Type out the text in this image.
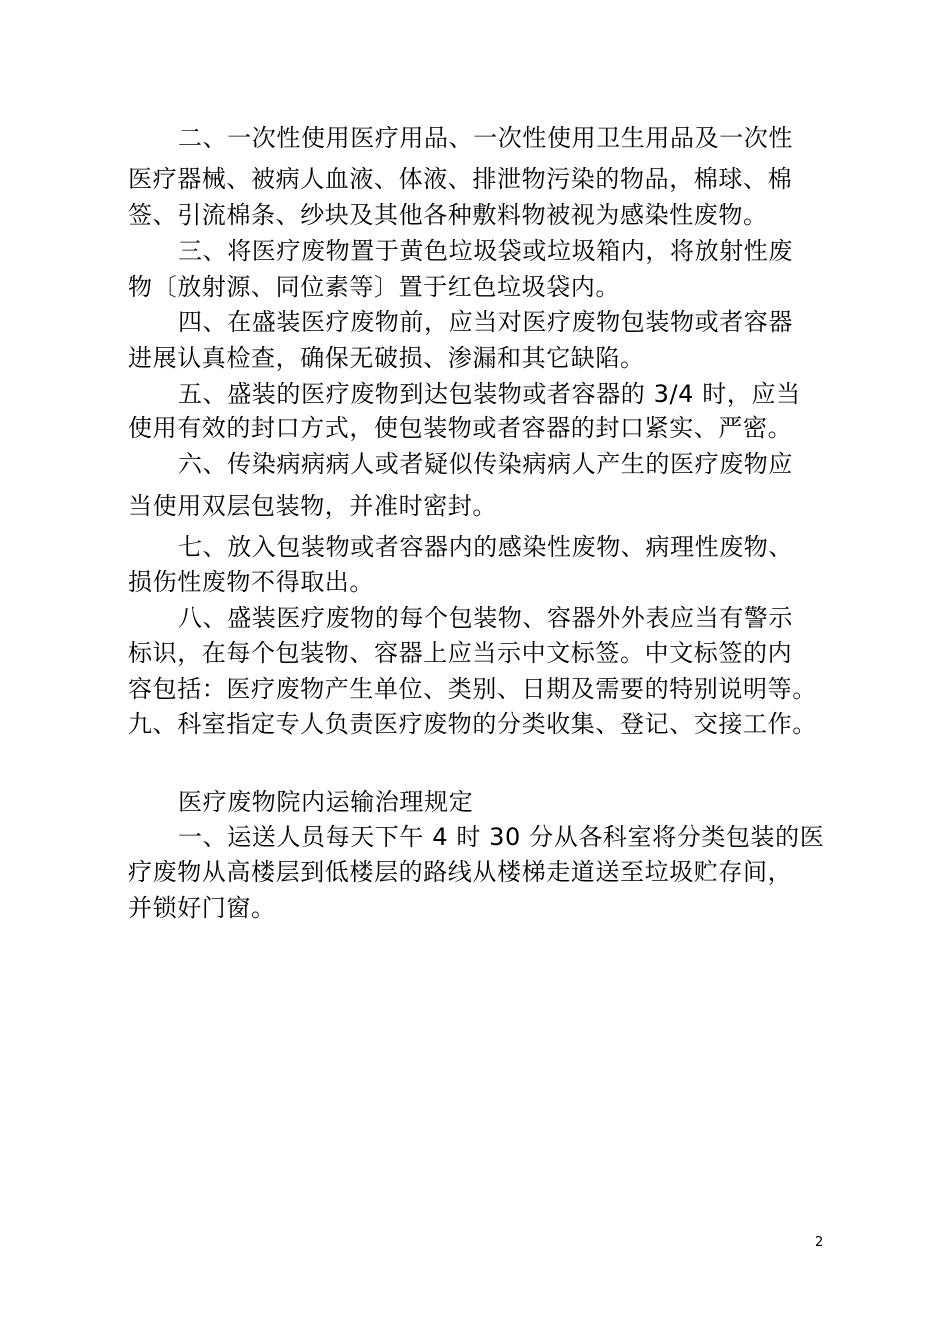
二、一次性使用医疗用品、一次性使用卫生用品及一次性
医疗器械、被病人血液、体液、排泄物污染的物品，棉球、棉
签、引流棉条、纱块及其他各种敷料物被视为感染性废物。
三、将医疗废物置于黄色垃圾袋或垃圾箱内，将放射性废
物〔放射源、同位素等〕置于红色垃圾袋内。
四、在盛装医疗废物前，应当对医疗废物包装物或者容器
进展认真检查，确保无破损、渗漏和其它缺陷。
五、盛装的医疗废物到达包装物或者容器的 3/4 时，应当
使用有效的封口方式，使包装物或者容器的封口紧实、严密。
六、传染病病病人或者疑似传染病病人产生的医疗废物应
当使用双层包装物，并准时密封。
七、放入包装物或者容器内的感染性废物、病理性废物、
损伤性废物不得取出。
八、盛装医疗废物的每个包装物、容器外外表应当有警示
标识，在每个包装物、容器上应当示中文标签。中文标签的内
容包括：医疗废物产生单位、类别、日期及需要的特别说明等。
九、科室指定专人负责医疗废物的分类收集、登记、交接工作。
医疗废物院内运输治理规定
一、运送人员每天下午 4 时 30 分从各科室将分类包装的医
疗废物从高楼层到低楼层的路线从楼梯走道送至垃圾贮存间，
并锁好门窗。
2
